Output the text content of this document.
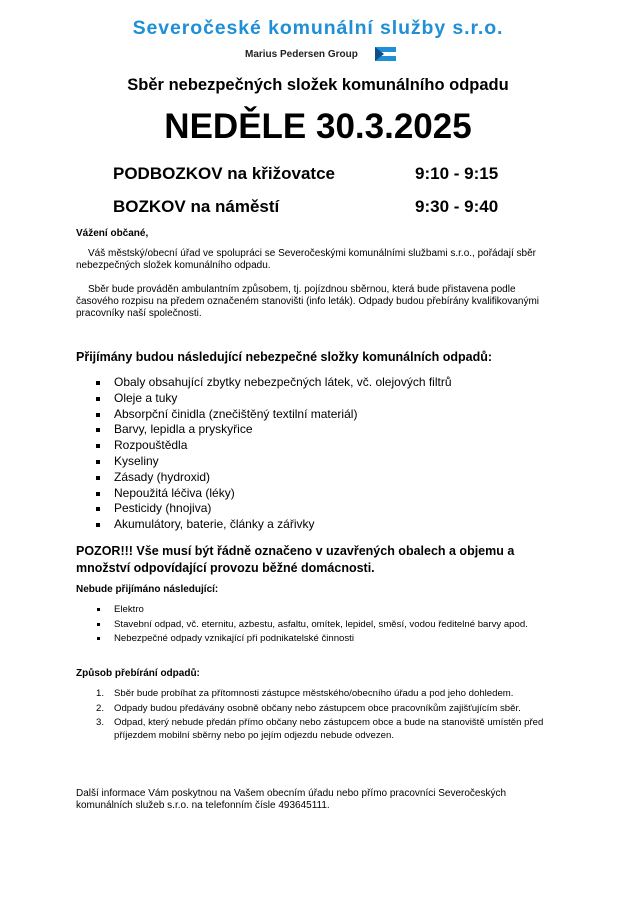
Severočeské komunální služby s.r.o.
Marius Pedersen Group
Sběr nebezpečných složek komunálního odpadu
NEDĚLE 30.3.2025
PODBOZKOV na křižovatce	9:10 - 9:15
BOZKOV na náměstí	9:30 - 9:40
Vážení občané,
Váš městský/obecní úřad ve spolupráci se Severočeskými komunálními službami s.r.o., pořádají sběr nebezpečných složek komunálního odpadu.
Sběr bude prováděn ambulantním způsobem, tj. pojízdnou sběrnou, která bude přistavena podle časového rozpisu na předem označeném stanovišti (info leták). Odpady budou přebírány kvalifikovanými pracovníky naší společnosti.
Přijímány budou následující nebezpečné složky komunálních odpadů:
Obaly obsahující zbytky nebezpečných látek, vč. olejových filtrů
Oleje a tuky
Absorpční činidla (znečištěný textilní materiál)
Barvy, lepidla a pryskyřice
Rozpouštědla
Kyseliny
Zásady (hydroxid)
Nepoužitá léčiva (léky)
Pesticidy (hnojiva)
Akumulátory, baterie, články a zářivky
POZOR!!! Vše musí být řádně označeno v uzavřených obalech a objemu a množství odpovídající provozu běžné domácnosti.
Nebude přijímáno následující:
Elektro
Stavební odpad, vč. eternitu, azbestu, asfaltu, omítek, lepidel, směsí, vodou ředitelné barvy apod.
Nebezpečné odpady vznikající při podnikatelské činnosti
Způsob přebírání odpadů:
1. Sběr bude probíhat za přítomnosti zástupce městského/obecního úřadu a pod jeho dohledem.
2. Odpady budou předávány osobně občany nebo zástupcem obce pracovníkům zajišťujícím sběr.
3. Odpad, který nebude předán přímo občany nebo zástupcem obce a bude na stanoviště umístěn před příjezdem mobilní sběrny nebo po jejím odjezdu nebude odvezen.
Další informace Vám poskytnou na Vašem obecním úřadu nebo přímo pracovníci Severočeských komunálních služeb s.r.o. na telefonním čísle 493645111.
